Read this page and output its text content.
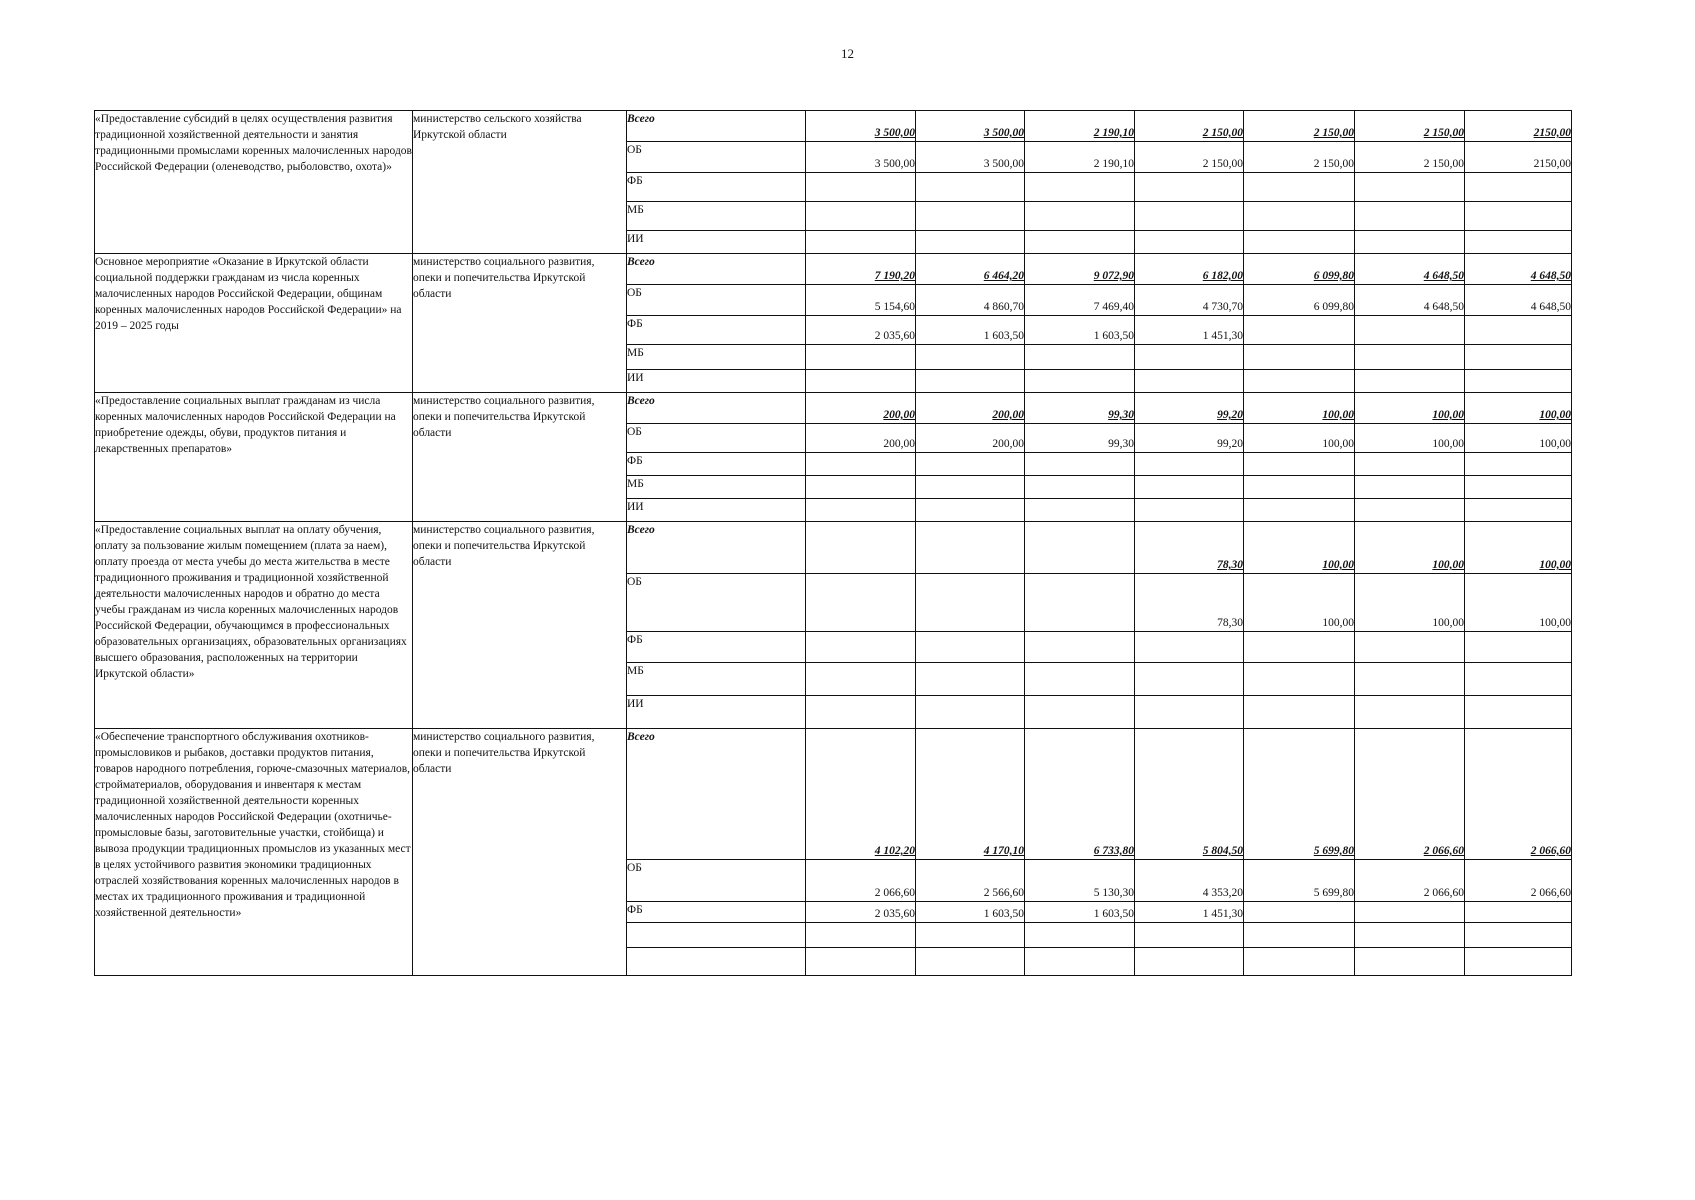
12
«Предоставление субсидий в целях осуществления развития традиционной хозяйственной деятельности и занятия традиционными промыслами коренных малочисленных народов Российской Федерации (оленеводство, рыболовство, охота)»	министерство сельского хозяйства Иркутской области	Всего	3 500,00	3 500,00	2 190,10	2 150,00	2 150,00	2 150,00	2150,00
		ОБ	3 500,00	3 500,00	2 190,10	2 150,00	2 150,00	2 150,00	2150,00
		ФБ							
		МБ							
		ИИ							
Основное мероприятие «Оказание в Иркутской области социальной поддержки гражданам из числа коренных малочисленных народов Российской Федерации, общинам коренных малочисленных народов Российской Федерации» на 2019 – 2025 годы	министерство социального развития, опеки и попечительства Иркутской области	Всего	7 190,20	6 464,20	9 072,90	6 182,00	6 099,80	4 648,50	4 648,50
		ОБ	5 154,60	4 860,70	7 469,40	4 730,70	6 099,80	4 648,50	4 648,50
		ФБ	2 035,60	1 603,50	1 603,50	1 451,30			
		МБ							
		ИИ							
«Предоставление социальных выплат гражданам из числа коренных малочисленных народов Российской Федерации на приобретение одежды, обуви, продуктов питания и лекарственных препаратов»	министерство социального развития, опеки и попечительства Иркутской области	Всего	200,00	200,00	99,30	99,20	100,00	100,00	100,00
		ОБ	200,00	200,00	99,30	99,20	100,00	100,00	100,00
		ФБ							
		МБ							
		ИИ							
«Предоставление социальных выплат на оплату обучения, оплату за пользование жилым помещением (плата за наем), оплату проезда от места учебы до места жительства в месте традиционного проживания и традиционной хозяйственной деятельности малочисленных народов и обратно до места учебы гражданам из числа коренных малочисленных народов Российской Федерации, обучающимся в профессиональных образовательных организациях, образовательных организациях высшего образования, расположенных на территории Иркутской области»	министерство социального развития, опеки и попечительства Иркутской области	Всего				78,30	100,00	100,00	100,00
		ОБ				78,30	100,00	100,00	100,00
		ФБ							
		МБ							
		ИИ							
«Обеспечение транспортного обслуживания охотников-промысловиков и рыбаков, доставки продуктов питания, товаров народного потребления, горюче-смазочных материалов, стройматериалов, оборудования и инвентаря к местам традиционной хозяйственной деятельности коренных малочисленных народов Российской Федерации (охотничье-промысловые базы, заготовительные участки, стойбища) и вывоза продукции традиционных промыслов из указанных мест в целях устойчивого развития экономики традиционных отраслей хозяйствования коренных малочисленных народов в местах их традиционного проживания и традиционной хозяйственной деятельности»	министерство социального развития, опеки и попечительства Иркутской области	Всего	4 102,20	4 170,10	6 733,80	5 804,50	5 699,80	2 066,60	2 066,60
		ОБ	2 066,60	2 566,60	5 130,30	4 353,20	5 699,80	2 066,60	2 066,60
		ФБ	2 035,60	1 603,50	1 603,50	1 451,30			
